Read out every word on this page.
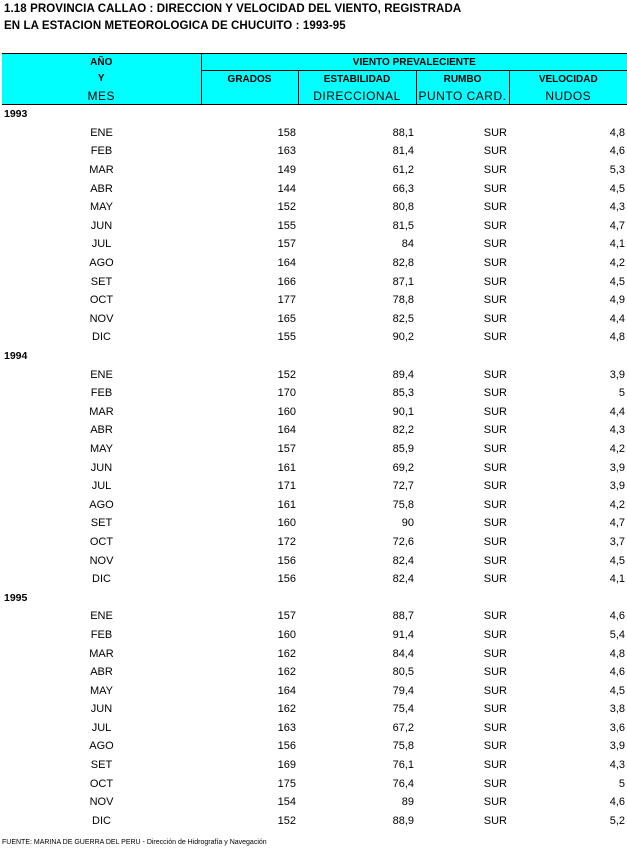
1.18 PROVINCIA CALLAO : DIRECCION Y VELOCIDAD DEL VIENTO, REGISTRADA
EN LA ESTACION METEOROLOGICA DE CHUCUITO : 1993-95
AÑO	VIENTO PREVALECIENTE			
Y	GRADOS	ESTABILIDAD	RUMBO	VELOCIDAD
MES		DIRECCIONAL	PUNTO CARD.	NUDOS
1993				
ENE	158	88,1	SUR	4,8
FEB	163	81,4	SUR	4,6
MAR	149	61,2	SUR	5,3
ABR	144	66,3	SUR	4,5
MAY	152	80,8	SUR	4,3
JUN	155	81,5	SUR	4,7
JUL	157	84	SUR	4,1
AGO	164	82,8	SUR	4,2
SET	166	87,1	SUR	4,5
OCT	177	78,8	SUR	4,9
NOV	165	82,5	SUR	4,4
DIC	155	90,2	SUR	4,8
1994				
ENE	152	89,4	SUR	3,9
FEB	170	85,3	SUR	5
MAR	160	90,1	SUR	4,4
ABR	164	82,2	SUR	4,3
MAY	157	85,9	SUR	4,2
JUN	161	69,2	SUR	3,9
JUL	171	72,7	SUR	3,9
AGO	161	75,8	SUR	4,2
SET	160	90	SUR	4,7
OCT	172	72,6	SUR	3,7
NOV	156	82,4	SUR	4,5
DIC	156	82,4	SUR	4,1
1995				
ENE	157	88,7	SUR	4,6
FEB	160	91,4	SUR	5,4
MAR	162	84,4	SUR	4,8
ABR	162	80,5	SUR	4,6
MAY	164	79,4	SUR	4,5
JUN	162	75,4	SUR	3,8
JUL	163	67,2	SUR	3,6
AGO	156	75,8	SUR	3,9
SET	169	76,1	SUR	4,3
OCT	175	76,4	SUR	5
NOV	154	89	SUR	4,6
DIC	152	88,9	SUR	5,2
FUENTE: MARINA DE GUERRA DEL PERU - Dirección de Hidrografía y Navegación
